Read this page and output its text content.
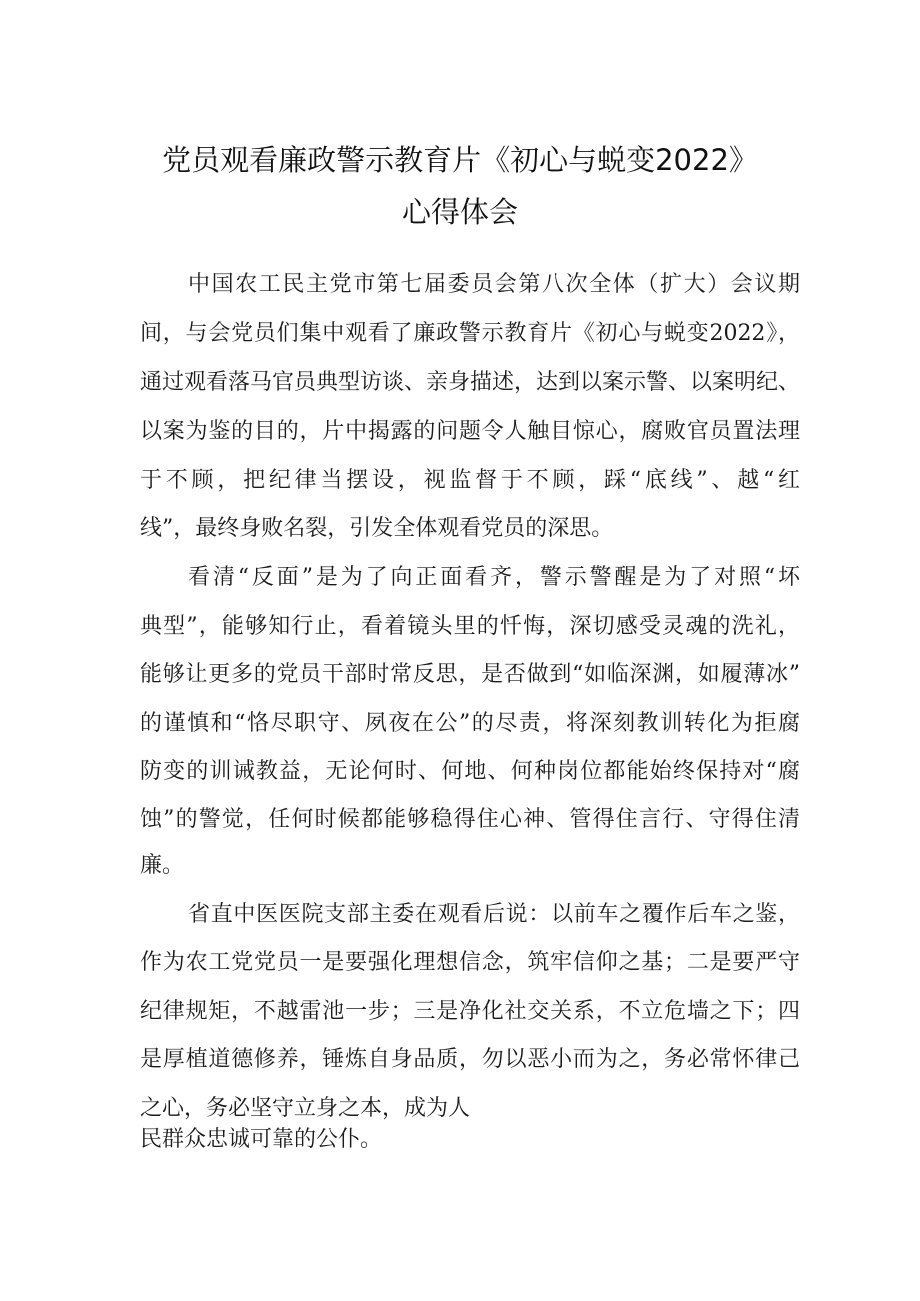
党员观看廉政警示教育片《初心与蜕变2022》
心得体会
中国农工民主党市第七届委员会第八次全体（扩大）会议期
间，与会党员们集中观看了廉政警示教育片《初心与蜕变2022》，
通过观看落马官员典型访谈、亲身描述，达到以案示警、以案明纪、
以案为鉴的目的，片中揭露的问题令人触目惊心，腐败官员置法理
于不顾，把纪律当摆设，视监督于不顾，踩“底线”、越“红
线”，最终身败名裂，引发全体观看党员的深思。
看清“反面”是为了向正面看齐，警示警醒是为了对照“坏
典型”，能够知行止，看着镜头里的忏悔，深切感受灵魂的洗礼，
能够让更多的党员干部时常反思，是否做到“如临深渊，如履薄冰”
的谨慎和“恪尽职守、夙夜在公”的尽责，将深刻教训转化为拒腐
防变的训诫教益，无论何时、何地、何种岗位都能始终保持对“腐
蚀”的警觉，任何时候都能够稳得住心神、管得住言行、守得住清
廉。
省直中医医院支部主委在观看后说：以前车之覆作后车之鉴，
作为农工党党员一是要强化理想信念，筑牢信仰之基；二是要严守
纪律规矩，不越雷池一步；三是净化社交关系，不立危墙之下；四
是厚植道德修养，锤炼自身品质，勿以恶小而为之，务必常怀律己
之心，务必坚守立身之本，成为人
民群众忠诚可靠的公仆。
